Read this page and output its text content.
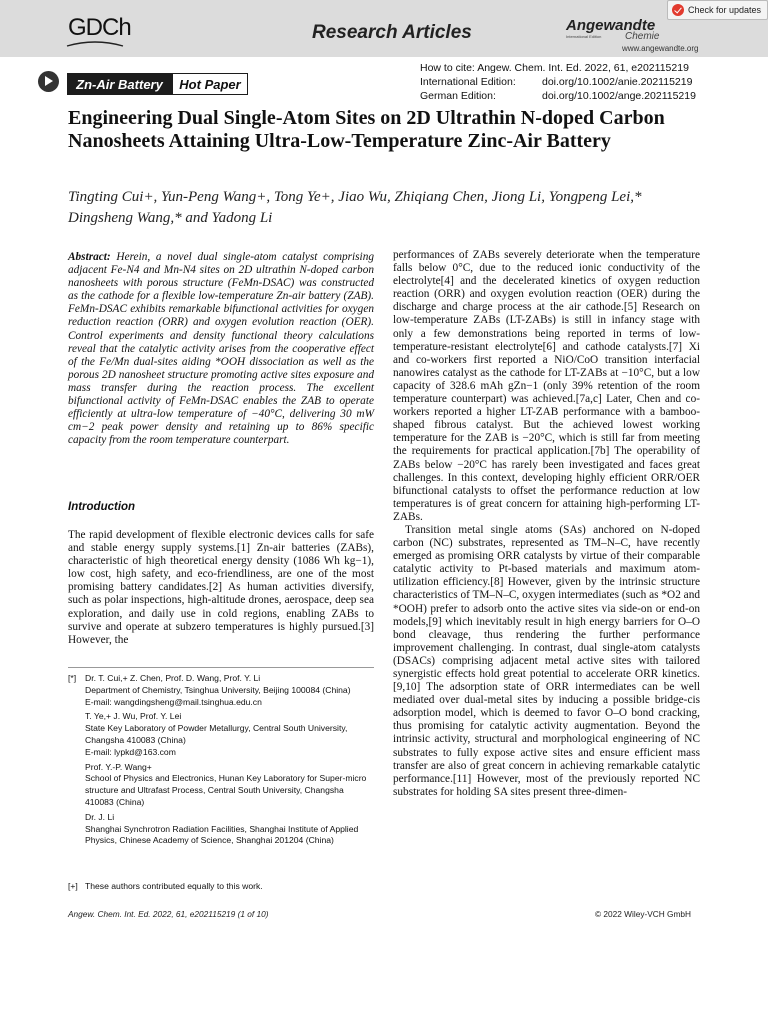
GDCh	Research Articles	Angewandte
International Edition	Chemie
www.angewandte.org
Check for updates
Zn-Air Battery	Hot Paper
How to cite: Angew. Chem. Int. Ed. 2022, 61, e202115219
International Edition:	doi.org/10.1002/anie.202115219
German Edition:	doi.org/10.1002/ange.202115219
Engineering Dual Single-Atom Sites on 2D Ultrathin N-doped Carbon Nanosheets Attaining Ultra-Low-Temperature Zinc-Air Battery
Tingting Cui+, Yun-Peng Wang+, Tong Ye+, Jiao Wu, Zhiqiang Chen, Jiong Li, Yongpeng Lei,* Dingsheng Wang,* and Yadong Li
Abstract: Herein, a novel dual single-atom catalyst comprising adjacent Fe-N4 and Mn-N4 sites on 2D ultrathin N-doped carbon nanosheets with porous structure (FeMn-DSAC) was constructed as the cathode for a flexible low-temperature Zn-air battery (ZAB). FeMn-DSAC exhibits remarkable bifunctional activities for oxygen reduction reaction (ORR) and oxygen evolution reaction (OER). Control experiments and density functional theory calculations reveal that the catalytic activity arises from the cooperative effect of the Fe/Mn dual-sites aiding *OOH dissociation as well as the porous 2D nanosheet structure promoting active sites exposure and mass transfer during the reaction process. The excellent bifunctional activity of FeMn-DSAC enables the ZAB to operate efficiently at ultra-low temperature of −40°C, delivering 30 mW cm−2 peak power density and retaining up to 86% specific capacity from the room temperature counterpart.
Introduction

The rapid development of flexible electronic devices calls for safe and stable energy supply systems.[1] Zn-air batteries (ZABs), characteristic of high theoretical energy density (1086 Wh kg−1), low cost, high safety, and eco-friendliness, are one of the most promising battery candidates.[2] As human activities diversify, such as polar inspections, high-altitude drones, aerospace, deep sea exploration, and daily use in cold regions, enabling ZABs to survive and operate at subzero temperatures is highly pursued.[3] However, the

[*] Dr. T. Cui,+ Z. Chen, Prof. D. Wang, Prof. Y. Li
Department of Chemistry, Tsinghua University, Beijing 100084 (China)
E-mail: wangdingsheng@mail.tsinghua.edu.cn
T. Ye,+ J. Wu, Prof. Y. Lei
State Key Laboratory of Powder Metallurgy, Central South University, Changsha 410083 (China)
E-mail: lypkd@163.com
Prof. Y.-P. Wang+
School of Physics and Electronics, Hunan Key Laboratory for Super-micro structure and Ultrafast Process, Central South University, Changsha 410083 (China)
Dr. J. Li
Shanghai Synchrotron Radiation Facilities, Shanghai Institute of Applied Physics, Chinese Academy of Science, Shanghai 201204 (China)
[+] These authors contributed equally to this work.

performances of ZABs severely deteriorate when the temperature falls below 0°C, due to the reduced ionic conductivity of the electrolyte[4] and the decelerated kinetics of oxygen reduction reaction (ORR) and oxygen evolution reaction (OER) during the discharge and charge process at the air cathode.[5] Research on low-temperature ZABs (LT-ZABs) is still in infancy stage with only a few demonstrations being reported in terms of low-temperature-resistant electrolyte[6] and cathode catalysts.[7] Xi and co-workers first reported a NiO/CoO transition interfacial nanowires catalyst as the cathode for LT-ZABs at −10°C, but a low capacity of 328.6 mAh gZn−1 (only 39% retention of the room temperature counterpart) was achieved.[7a,c] Later, Chen and co-workers reported a higher LT-ZAB performance with a bamboo-shaped fibrous catalyst. But the achieved lowest working temperature for the ZAB is −20°C, which is still far from meeting the requirements for practical application.[7b] The operability of ZABs below −20°C has rarely been investigated and faces great challenges. In this context, developing highly efficient ORR/OER bifunctional catalysts to offset the performance reduction at low temperatures is of great concern for attaining high-performing LT-ZABs.

Transition metal single atoms (SAs) anchored on N-doped carbon (NC) substrates, represented as TM–N–C, have recently emerged as promising ORR catalysts by virtue of their comparable catalytic activity to Pt-based materials and maximum atom-utilization efficiency.[8] However, given by the intrinsic structure characteristics of TM–N–C, oxygen intermediates (such as *O2 and *OOH) prefer to adsorb onto the active sites via side-on or end-on models,[9] which inevitably result in high energy barriers for O–O bond cleavage, thus rendering the further performance improvement challenging. In contrast, dual single-atom catalysts (DSACs) comprising adjacent metal active sites with tailored synergistic effects hold great potential to accelerate ORR kinetics.[9,10] The adsorption state of ORR intermediates can be well mediated over dual-metal sites by inducing a possible bridge-cis adsorption model, which is deemed to favor O–O bond cracking, thus promising for catalytic activity augmentation. Beyond the intrinsic activity, structural and morphological engineering of NC substrates to fully expose active sites and ensure efficient mass transfer are also of great concern in achieving remarkable catalytic performance.[11] However, most of the previously reported NC substrates for holding SA sites present three-dimen-

Angew. Chem. Int. Ed. 2022, 61, e202115219 (1 of 10)	© 2022 Wiley-VCH GmbH
